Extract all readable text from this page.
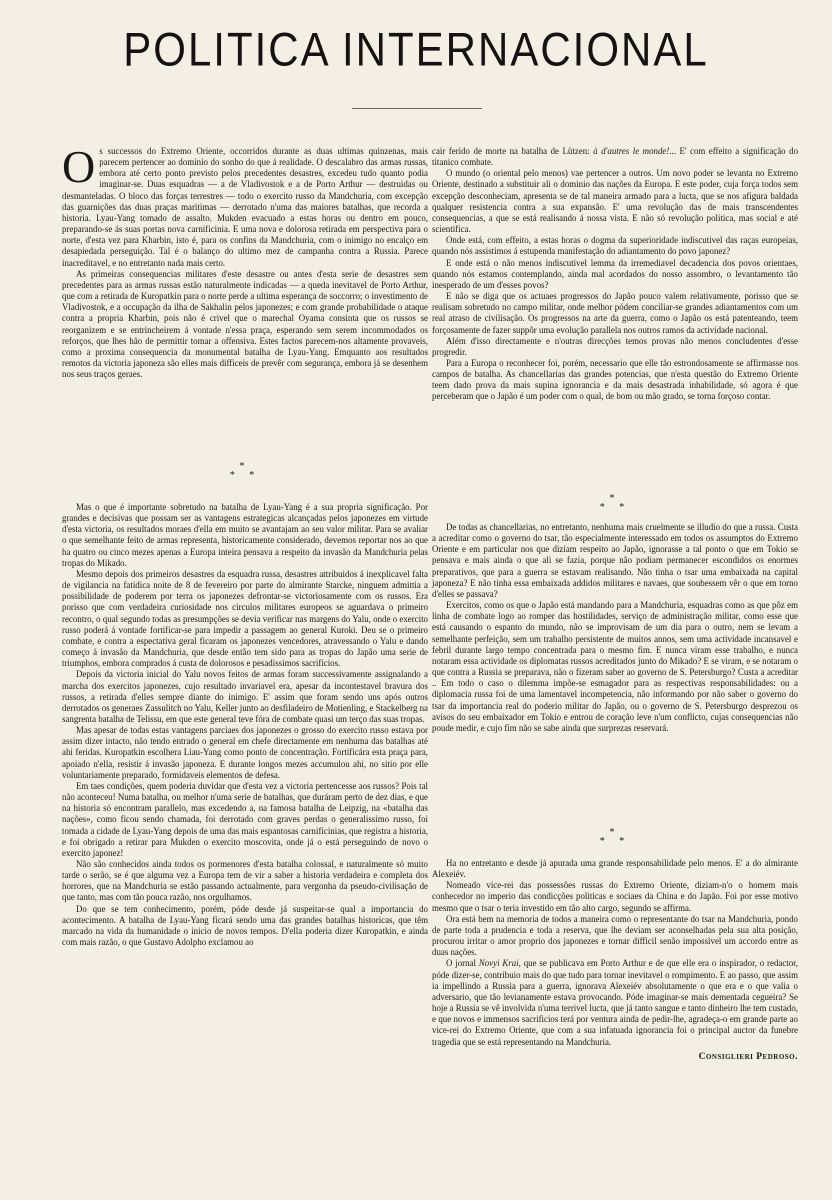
POLITICA INTERNACIONAL

Os successos do Extremo Oriente, occorridos durante as duas ultimas quinzenas, mais parecem pertencer ao dominio do sonho do que á realidade. O descalabro das armas russas, embora até certo ponto previsto pelos precedentes desastres, excedeu tudo quanto podia imaginar-se. Duas esquadras — a de Vladivostok e a de Porto Arthur — destruidas ou desmanteladas. O bloco das forças terrestres — todo o exercito russo da Mandchuria, com excepção das guarnições das duas praças maritimas — derrotado n'uma das maiores batalhas, que recorda a historia. Lyau-Yang tomado de assalto. Mukden evacuado a estas horas ou dentro em pouco, preparando-se ás suas portas nova carnificinia. E uma nova e dolorosa retirada em perspectiva para o norte, d'esta vez para Kharbin, isto é, para os confins da Mandchuria, com o inimigo no encalço em desapiedada perseguição. Tal é o balanço do ultimo mez de campanha contra a Russia. Parece inacreditavel, e no entretanto nada mais certo.

As primeiras consequencias militares d'este desastre ou antes d'esta serie de desastres sem precedentes para as armas russas estão naturalmente indicadas — a queda inevitavel de Porto Arthur, que com a retirada de Kuropatkin para o norte perde a ultima esperança de soccorro; o investimento de Vladivostok, e a occupação da ilha de Sakhalin pelos japonezes; e com grande probabilidade o ataque contra a propria Kharbin, pois não é crivel que o marechal Oyama consinta que os russos se reorganizem e se entrincheirem á vontade n'essa praça, esperando sem serem incommodados os reforços, que lhes hão de permittir tomar a offensiva. Estes factos parecem-nos altamente provaveis, como a proxima consequencia da monumental batalha de Lyau-Yang. Emquanto aos resultados remotos da victoria japoneza são elles mais difficeis de prevêr com segurança, embora já se desenhem nos seus traços geraes.

*
* *

Mas o que é importante sobretudo na batalha de Lyau-Yang é a sua propria significação. Por grandes e decisivas que possam ser as vantagens estrategicas alcançadas pelos japonezes em virtude d'esta victoria, os resultados moraes d'ella em muito se avantajam ao seu valor militar. Para se avaliar o que semelhante feito de armas representa, historicamente considerado, devemos reportar nos ao que ha quatro ou cinco mezes apenas a Europa inteira pensava a respeito da invasão da Mandchuria pelas tropas do Mikado.

Mesmo depois dos primeiros desastres da esquadra russa, desastres attribuidos á inexplicavel falta de vigilancia na fatidica noite de 8 de fevereiro por parte do almirante Starcke, ninguem admittia a possibilidade de poderem por terra os japonezes defrontar-se victoriosamente com os russos. Era porisso que com verdadeira curiosidade nos circulos militares europeos se aguardava o primeiro recontro, o qual segundo todas as presumpções se devia verificar nas margens do Yalu, onde o exercito russo poderá á vontade fortificar-se para impedir a passagem ao general Kuroki. Deu se o primeiro combate, e contra a espectativa geral ficaram os japonezes vencedores, atravessando o Yalu e dando começo á invasão da Mandchuria, que desde então tem sido para as tropas do Japão uma serie de triumphos, embora comprados á custa de dolorosos e pesadissimos sacrificios.

Depois da victoria inicial do Yalu novos feitos de armas foram successivamente assignalando a marcha dos exercitos japonezes, cujo resultado invariavel era, apesar da incontestavel bravura dos russos, a retirada d'elles sempre diante do inimigo. E' assim que foram sendo uns após outros derrotados os generaes Zassulitch no Yalu, Keller junto ao desfiladeiro de Motienling, e Stackelberg na sangrenta batalha de Telissu, em que este general teve fóra de combate quasi um terço das suas tropas.

Mas apesar de todas estas vantagens parciaes dos japonezes o grosso do exercito russo estava por assim dizer intacto, não tendo entrado o general em chefe directamente em nenhuma das batalhas até ahi feridas. Kuropatkin escolhera Liau-Yang como ponto de concentração. Fortificára esta praça para, apoiado n'ella, resistir á invasão japoneza. E durante longos mezes accumulou ahi, no sitio por elle voluntariamente preparado, formidaveis elementos de defesa.

Em taes condições, quem poderia duvidar que d'esta vez a victoria pertencesse aos russos? Pois tal não aconteceu! Numa batalha, ou melhor n'uma serie de batalhas, que duráram perto de dez dias, e que na historia só encontram parallelo, mas excedendo a, na famosa batalha de Leipzig, na «batalha das nações», como ficou sendo chamada, foi derrotado com graves perdas o generalissimo russo, foi tomada a cidade de Lyau-Yang depois de uma das mais espantosas carnificinias, que registra a historia, e foi obrigado a retirar para Mukden o exercito moscovita, onde já o está perseguindo de novo o exercito japonez!

Não são conhecidos ainda todos os pormenores d'esta batalha colossal, e naturalmente só muito tarde o serão, se é que alguma vez a Europa tem de vir a saber a historia verdadeira e completa dos horrores, que na Mandchuria se estão passando actualmente, para vergonha da pseudo-civilisação de que tanto, mas com tão pouca razão, nos orgulhamos.

Do que se tem conhecimento, porém, póde desde já suspeitar-se qual a importancia do acontecimento. A batalha de Lyau-Yang ficará sendo uma das grandes batalhas historicas, que têm marcado na vida da humanidade o inicio de novos tempos. D'ella poderia dizer Kuropatkin, e ainda com mais razão, o que Gustavo Adolpho exclamou ao

cair ferido de morte na batalha de Lützen: à d'autres le monde!... E' com effeito a significação do titanico combate.

O mundo (o oriental pelo menos) vae pertencer a outros. Um novo poder se levanta no Extremo Oriente, destinado a substituir ali o dominio das nações da Europa. E este poder, cuja força todos sem excepção desconheciam, apresenta se de tal maneira armado para a lucta, que se nos afigura baldada qualquer resistencia contra a sua expansão. E' uma revolução das de mais transcendentes consequencias, a que se está realisando á nossa vista. E não só revolução politica, mas social e até scientifica.

Onde está, com effeito, a estas horas o dogma da superioridade indiscutivel das raças europeias, quando nós assistimos á estupenda manifestação do adiantamento do povo japonez?

E onde está o não menos indiscutivel lemma da irremediavel decadencia dos povos orientaes, quando nós estamos contemplando, ainda mal acordados do nosso assombro, o levantamento tão inesperado de um d'esses povos?

E não se diga que os actuaes progressos do Japão pouco valem relativamente, porisso que se realisam sobretudo no campo militar, onde melhor pódem conciliar-se grandes adiantamentos com um real atraso de civilisação. Os progressos na arte da guerra, como o Japão os está patenteando, teem forçosamente de fazer suppôr uma evolução parallela nos outros ramos da actividade nacional.

Além d'isso directamente e n'outras direcções temos provas não menos concludentes d'esse progredir.

Para a Europa o reconhecer foi, porém, necessario que elle tão estrondosamente se affirmasse nos campos de batalha. As chancellarias das grandes potencias, que n'esta questão do Extremo Oriente teem dado prova da mais supina ignorancia e da mais desastrada inhabilidade, só agora é que perceberam que o Japão é um poder com o qual, de bom ou mão grado, se torna forçoso contar.

*
* *

De todas as chancellarias, no entretanto, nenhuma mais cruelmente se illudio do que a russa. Custa a acreditar como o governo do tsar, tão especialmente interessado em todos os assumptos do Extremo Oriente e em particular nos que diziam respeito ao Japão, ignorasse a tal ponto o que em Tokio se pensava e mais ainda o que ali se fazia, porque não podiam permanecer escondidos os enormes preparativos, que para a guerra se estavam realisando. Não tinha o tsar uma embaixada na capital japoneza? E não tinha essa embaixada addidos militares e navaes, que soubessem vêr o que em torno d'elles se passava?

Exercitos, como os que o Japão está mandando para a Mandchuria, esquadras como as que pôz em linha de combate logo ao romper das hostilidades, serviço de administração militar, como esse que está causando o espanto do mundo, não se improvisam de um dia para o outro, nem se levam a semelhante perfeição, sem um trabalho persistente de muitos annos, sem uma actividade incansavel e febril durante largo tempo concentrada para o mesmo fim. E nunca viram esse trabalho, e nunca notaram essa actividade os diplomatas russos acreditados junto do Mikado? E se viram, e se notaram o que contra a Russia se preparava, não o fizeram saber ao governo de S. Petersburgo? Custa a acreditar .. Em todo o caso o dilemma impõe-se esmagador para as respectivas responsabilidades: ou a diplomacia russa foi de uma lamentavel incompetencia, não informando por não saber o governo do tsar da importancia real do poderio militar do Japão, ou o governo de S. Petersburgo desprezou os avisos do seu embaixador em Tokio e entrou de coração leve n'um conflicto, cujas consequencias não poude medir, e cujo fim não se sabe ainda que surprezas reservará.

*
* *

Ha no entretanto e desde já apurada uma grande responsabilidade pelo menos. E' a do almirante Alexeiév.

Nomeado vice-rei das possessões russas do Extremo Oriente, diziam-n'o o homem mais conhecedor no imperio das condicções politicas e sociaes da China e do Japão. Foi por esse motivo mesmo que o tsar o teria investido em tão alto cargo, segundo se affirma.

Ora está bem na memoria de todos a maneira como o representante do tsar na Mandchuria, pondo de parte toda a prudencia e toda a reserva, que lhe deviam ser aconselhadas pela sua alta posição, procurou irritar o amor proprio dos japonezes e tornar difficil senão impossivel um accordo entre as duas nações.

O jornal Novyi Krai, que se publicava em Porto Arthur e de que elle era o inspirador, o redactor, póde dizer-se, contribuio mais do que tudo para tornar inevitavel o rompimento. E ao passo, que assim ia impellindo a Russia para a guerra, ignorava Alexeiév absolutamente o que era e o que valia o adversario, que tão levianamente estava provocando. Póde imaginar-se mais dementada cegueira? Se hoje a Russia se vê involvida n'uma terrivel lucta, que já tanto sangue e tanto dinheiro lhe tem custado, e que novos e immensos sacrificios terá por ventura ainda de pedir-lhe, agradeça-o em grande parte ao vice-rei do Extremo Oriente, que com a sua infatuada ignorancia foi o principal auctor da funebre tragedia que se está representando na Mandchuria.

Consiglieri Pedroso.
